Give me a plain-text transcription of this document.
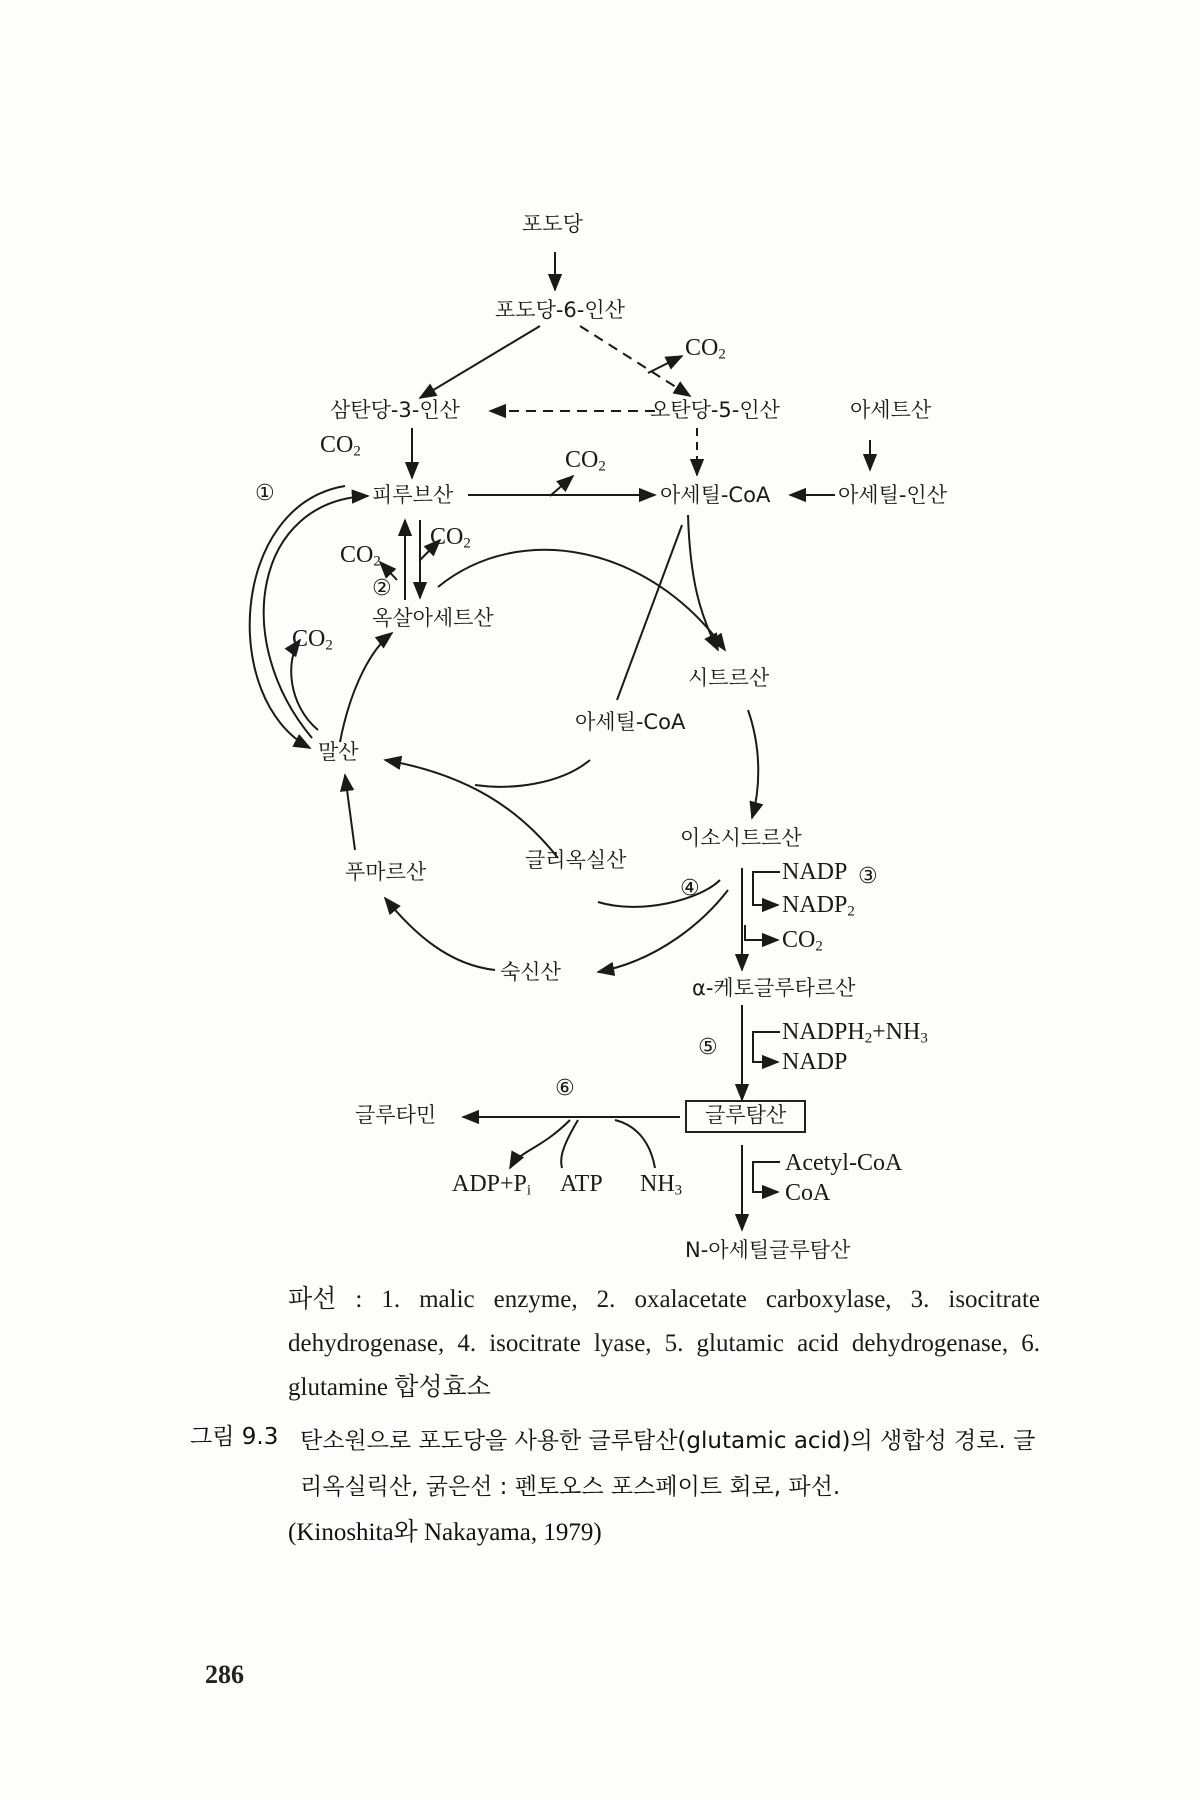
포도당
포도당-6-인산
삼탄당-3-인산	오탄당-5-인산	아세트산
피루브산	아세틸-CoA	아세틸-인산
옥살아세트산
시트르산
아세틸-CoA
말산
이소시트르산
푸마르산	글리옥실산
숙신산
α-케토글루타르산
글루타민	글루탐산
N-아세틸글루탐산
$CO_2$
$CO_2$	$CO_2$
$CO_2$
$CO_2$
$CO_2$
$CO_2$
①
②
③
④
⑤
⑥
NADP
$NADP_2$
$NADPH_2+NH_3$
NADP
$ADP+P_i$ ATP $NH_3$
Acetyl-CoA
CoA
파선 : 1. malic enzyme, 2. oxalacetate carboxylase, 3. isocitrate dehydrogenase, 4. isocitrate lyase, 5. glutamic acid dehydrogenase, 6. glutamine 합성효소
그림 9.3 탄소원으로 포도당을 사용한 글루탐산(glutamic acid)의 생합성 경로. 글리옥실릭산, 굵은선 : 펜토오스 포스페이트 회로, 파선.
(Kinoshita와 Nakayama, 1979)
286
